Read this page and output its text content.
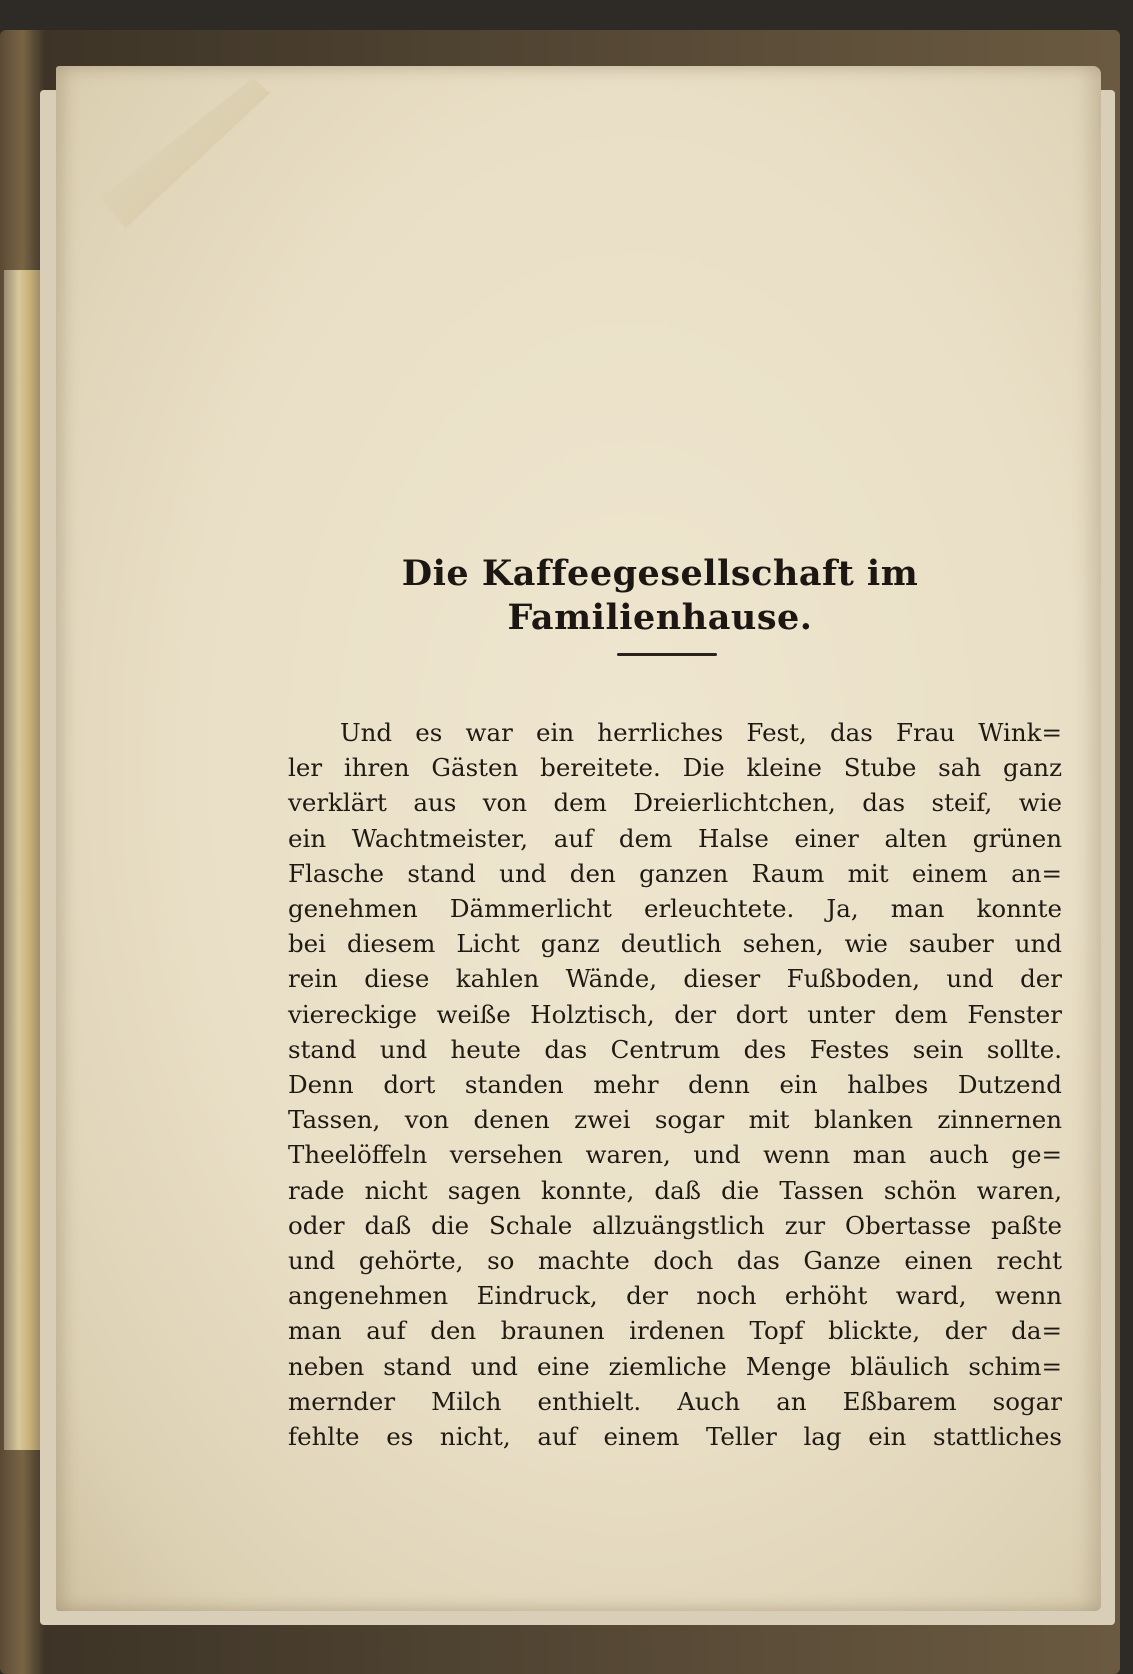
Die Kaffeegesellschaft im Familienhause.

Und es war ein herrliches Fest, das Frau Wink=
ler ihren Gästen bereitete. Die kleine Stube sah ganz
verklärt aus von dem Dreierlichtchen, das steif, wie
ein Wachtmeister, auf dem Halse einer alten grünen
Flasche stand und den ganzen Raum mit einem an=
genehmen Dämmerlicht erleuchtete. Ja, man konnte
bei diesem Licht ganz deutlich sehen, wie sauber und
rein diese kahlen Wände, dieser Fußboden, und der
viereckige weiße Holztisch, der dort unter dem Fenster
stand und heute das Centrum des Festes sein sollte.
Denn dort standen mehr denn ein halbes Dutzend
Tassen, von denen zwei sogar mit blanken zinnernen
Theelöffeln versehen waren, und wenn man auch ge=
rade nicht sagen konnte, daß die Tassen schön waren,
oder daß die Schale allzuängstlich zur Obertasse paßte
und gehörte, so machte doch das Ganze einen recht
angenehmen Eindruck, der noch erhöht ward, wenn
man auf den braunen irdenen Topf blickte, der da=
neben stand und eine ziemliche Menge bläulich schim=
mernder Milch enthielt. Auch an Eßbarem sogar
fehlte es nicht, auf einem Teller lag ein stattliches
